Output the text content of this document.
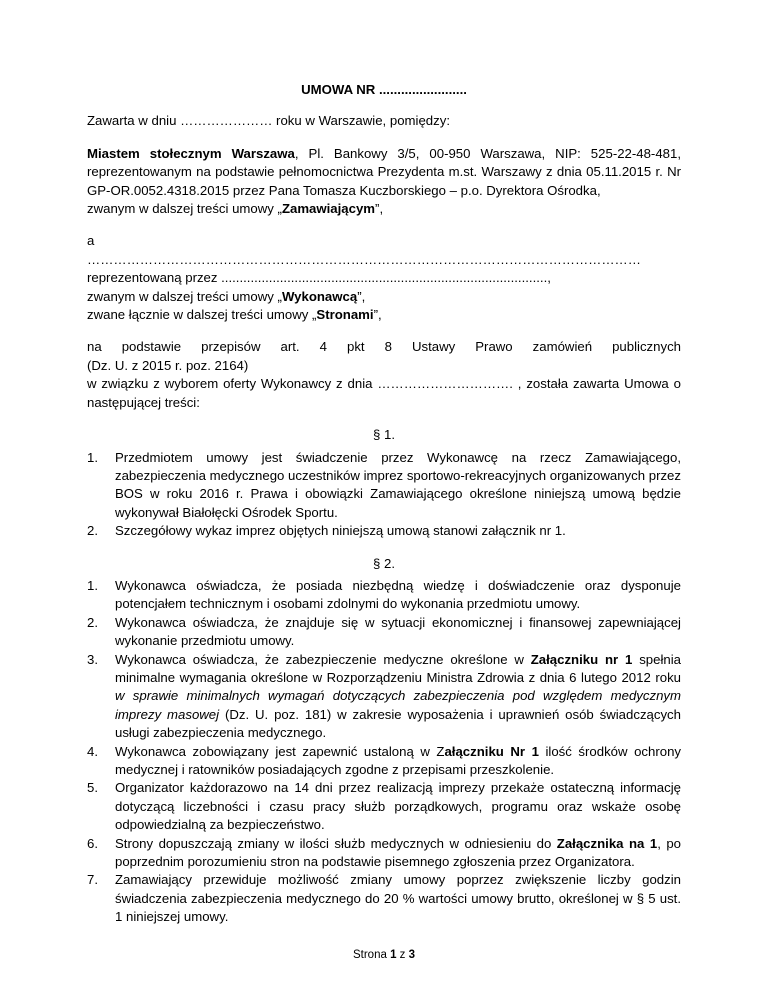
UMOWA NR ........................

Zawarta w dniu ………………… roku w Warszawie, pomiędzy:

Miastem stołecznym Warszawa, Pl. Bankowy 3/5, 00-950 Warszawa, NIP: 525-22-48-481, reprezentowanym na podstawie pełnomocnictwa Prezydenta m.st. Warszawy z dnia 05.11.2015 r. Nr GP-OR.0052.4318.2015 przez Pana Tomasza Kuczborskiego – p.o. Dyrektora Ośrodka,

zwanym w dalszej treści umowy „Zamawiającym”,

a

………………………………………………………………………………………………………………

reprezentowaną przez .........................................................................................,

zwanym w dalszej treści umowy „Wykonawcą”,

zwane łącznie w dalszej treści umowy „Stronami”,

na podstawie przepisów art. 4 pkt 8 Ustawy Prawo zamówień publicznych

(Dz. U. z 2015 r. poz. 2164)

w związku z wyborem oferty Wykonawcy z dnia …………………………. , została zawarta Umowa o następującej treści:

§ 1.

1. Przedmiotem umowy jest świadczenie przez Wykonawcę na rzecz Zamawiającego, zabezpieczenia medycznego uczestników imprez sportowo-rekreacyjnych organizowanych przez BOS w roku 2016 r. Prawa i obowiązki Zamawiającego określone niniejszą umową będzie wykonywał Białołęcki Ośrodek Sportu.
2. Szczegółowy wykaz imprez objętych niniejszą umową stanowi załącznik nr 1.

§ 2.

1. Wykonawca oświadcza, że posiada niezbędną wiedzę i doświadczenie oraz dysponuje potencjałem technicznym i osobami zdolnymi do wykonania przedmiotu umowy.
2. Wykonawca oświadcza, że znajduje się w sytuacji ekonomicznej i finansowej zapewniającej wykonanie przedmiotu umowy.
3. Wykonawca oświadcza, że zabezpieczenie medyczne określone w Załączniku nr 1 spełnia minimalne wymagania określone w Rozporządzeniu Ministra Zdrowia z dnia 6 lutego 2012 roku w sprawie minimalnych wymagań dotyczących zabezpieczenia pod względem medycznym imprezy masowej (Dz. U. poz. 181) w zakresie wyposażenia i uprawnień osób świadczących usługi zabezpieczenia medycznego.
4. Wykonawca zobowiązany jest zapewnić ustaloną w Załączniku Nr 1 ilość środków ochrony medycznej i ratowników posiadających zgodne z przepisami przeszkolenie.
5. Organizator każdorazowo na 14 dni przez realizacją imprezy przekaże ostateczną informację dotyczącą liczebności i czasu pracy służb porządkowych, programu oraz wskaże osobę odpowiedzialną za bezpieczeństwo.
6. Strony dopuszczają zmiany w ilości służb medycznych w odniesieniu do Załącznika na 1, po poprzednim porozumieniu stron na podstawie pisemnego zgłoszenia przez Organizatora.
7. Zamawiający przewiduje możliwość zmiany umowy poprzez zwiększenie liczby godzin świadczenia zabezpieczenia medycznego do 20 % wartości umowy brutto, określonej w § 5 ust. 1 niniejszej umowy.
Strona 1 z 3
